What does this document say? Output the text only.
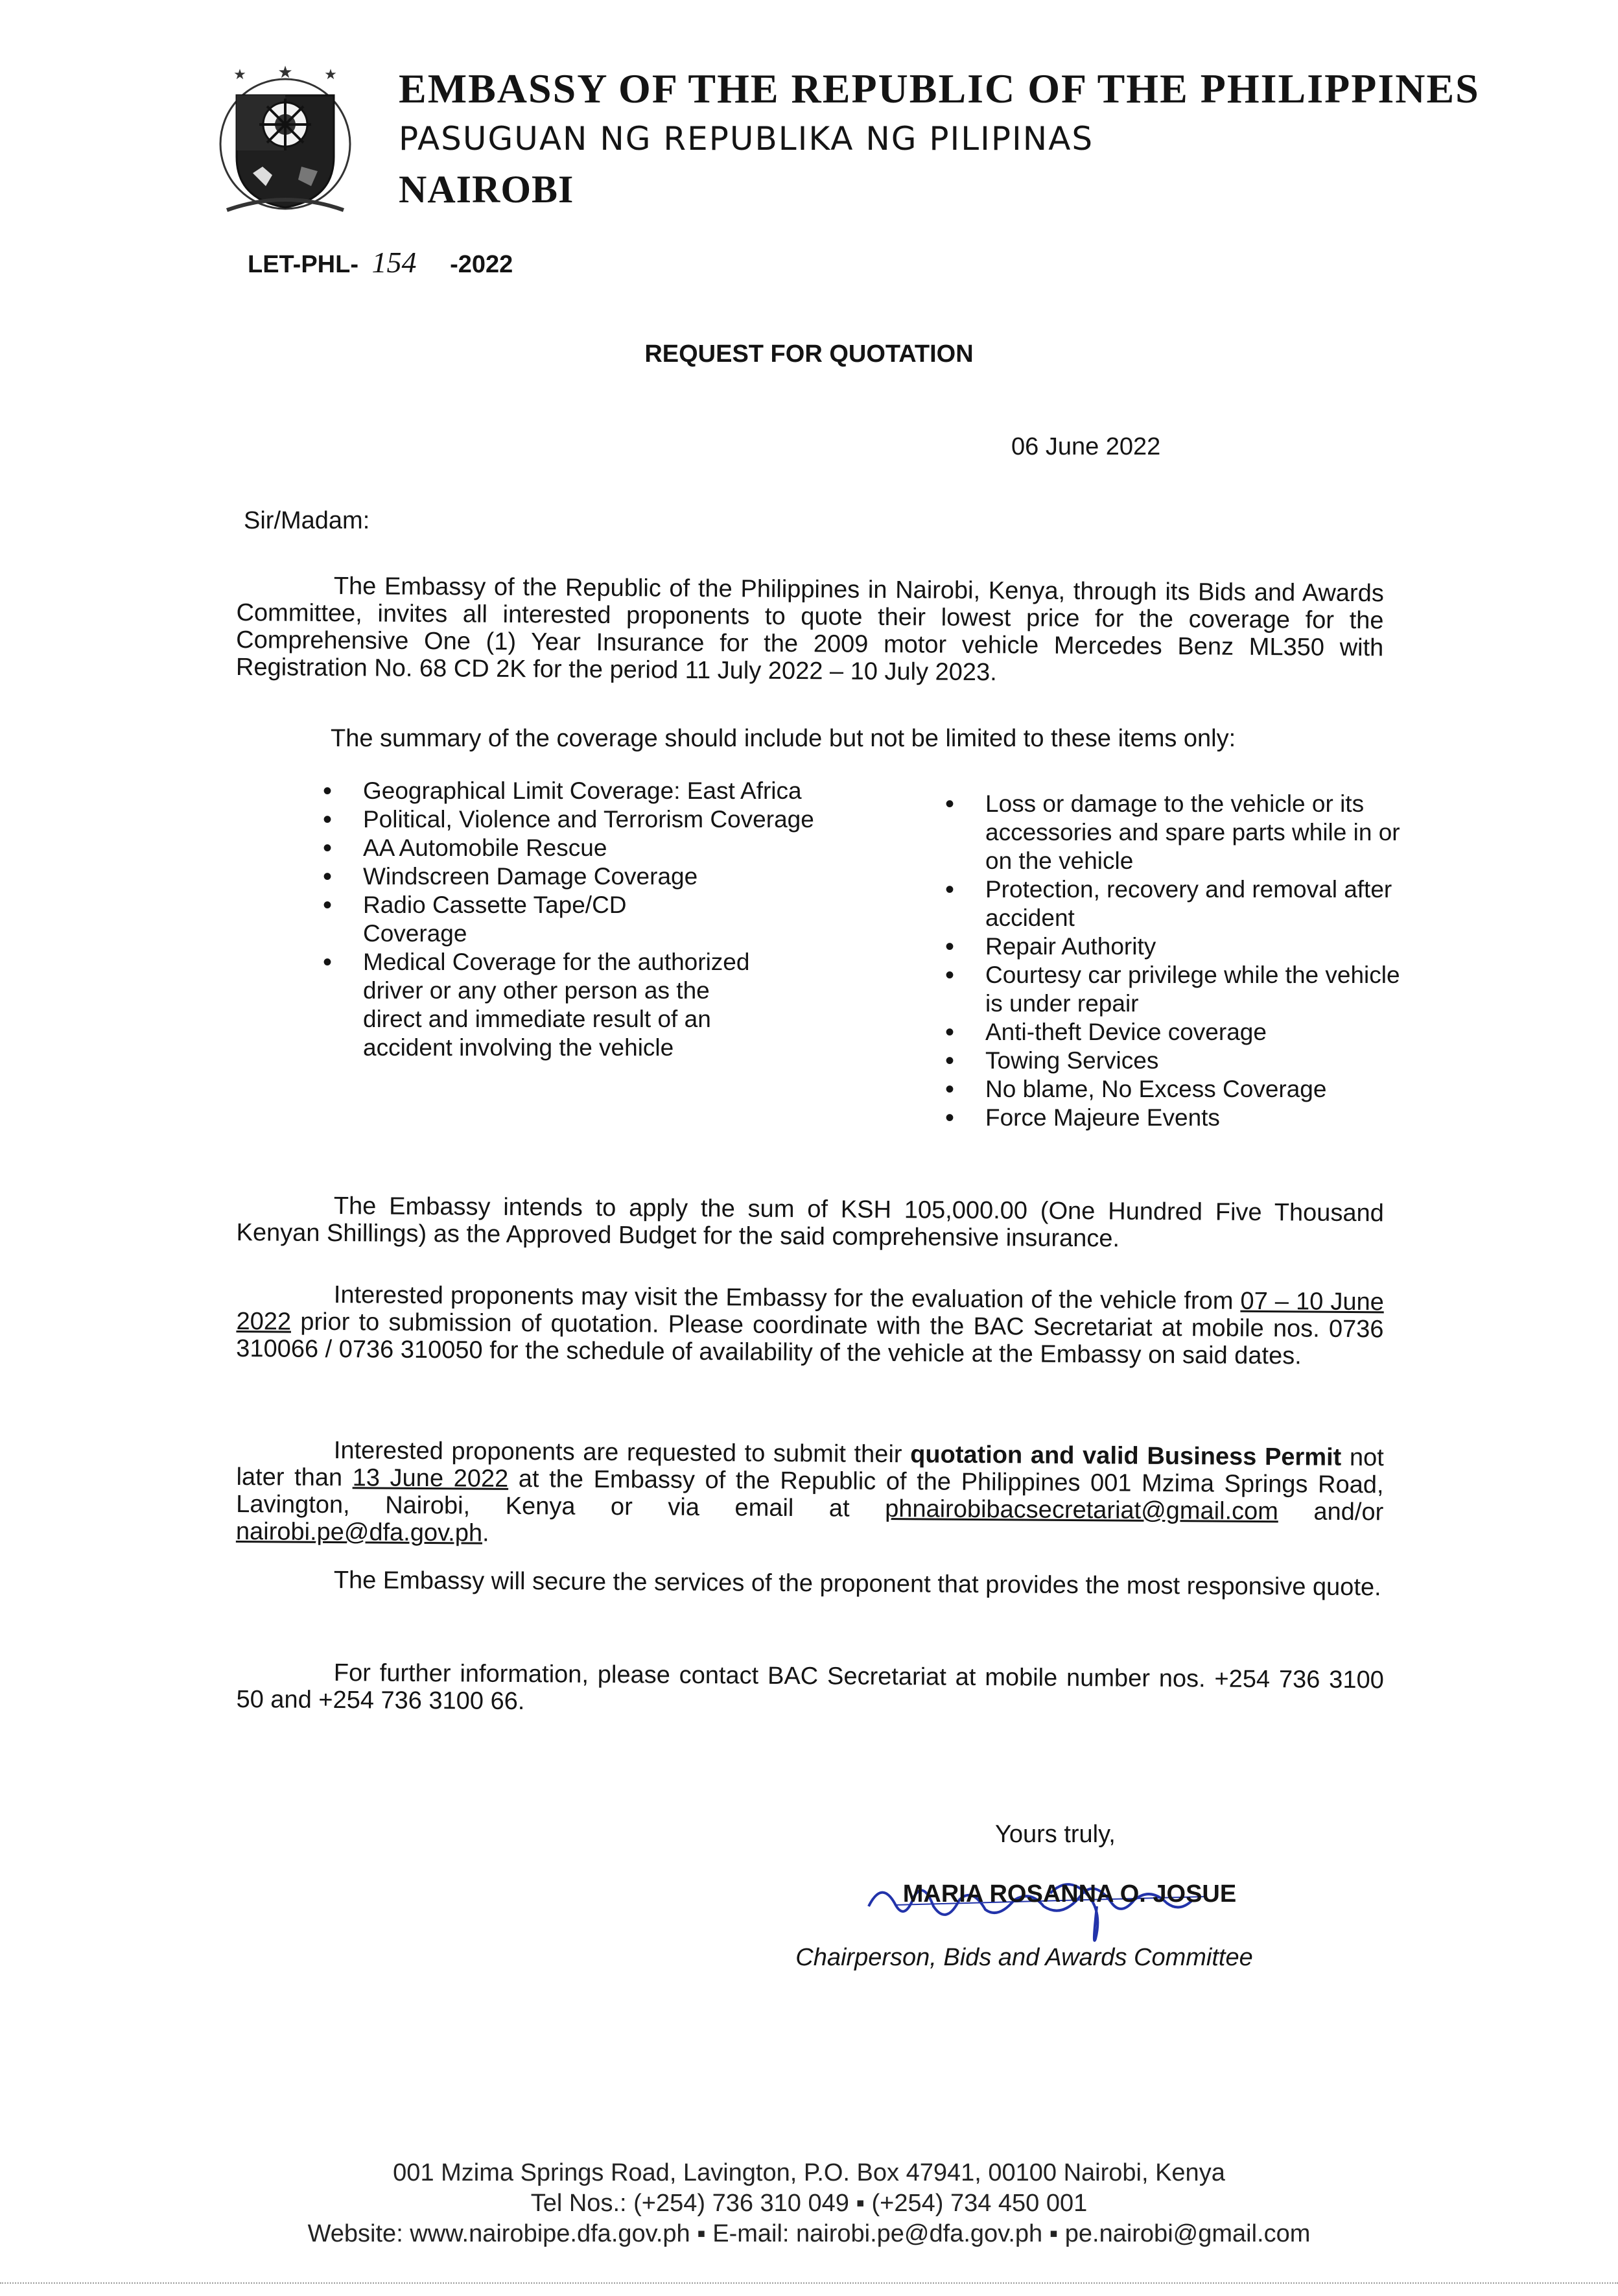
★
★	★ EMBASSY OF THE REPUBLIC OF THE PHILIPPINES
PASUGUAN NG REPUBLIKA NG PILIPINAS
NAIROBI
LET-PHL- 154 -2022
REQUEST FOR QUOTATION
06 June 2022
Sir/Madam:
The Embassy of the Republic of the Philippines in Nairobi, Kenya, through its Bids and Awards Committee, invites all interested proponents to quote their lowest price for the coverage for the Comprehensive One (1) Year Insurance for the 2009 motor vehicle Mercedes Benz ML350 with Registration No. 68 CD 2K for the period 11 July 2022 – 10 July 2023.
The summary of the coverage should include but not be limited to these items only:
• Geographical Limit Coverage: East Africa
• Political, Violence and Terrorism Coverage
• AA Automobile Rescue
• Windscreen Damage Coverage
• Radio Cassette Tape/CD Coverage
• Medical Coverage for the authorized driver or any other person as the direct and immediate result of an accident involving the vehicle
• Loss or damage to the vehicle or its accessories and spare parts while in or on the vehicle
• Protection, recovery and removal after accident
• Repair Authority
• Courtesy car privilege while the vehicle is under repair
• Anti-theft Device coverage
• Towing Services
• No blame, No Excess Coverage
• Force Majeure Events
The Embassy intends to apply the sum of KSH 105,000.00 (One Hundred Five Thousand Kenyan Shillings) as the Approved Budget for the said comprehensive insurance.
Interested proponents may visit the Embassy for the evaluation of the vehicle from 07 – 10 June 2022 prior to submission of quotation. Please coordinate with the BAC Secretariat at mobile nos. 0736 310066 / 0736 310050 for the schedule of availability of the vehicle at the Embassy on said dates.
Interested proponents are requested to submit their quotation and valid Business Permit not later than 13 June 2022 at the Embassy of the Republic of the Philippines 001 Mzima Springs Road, Lavington, Nairobi, Kenya or via email at phnairobibacsecretariat@gmail.com and/or nairobi.pe@dfa.gov.ph.
The Embassy will secure the services of the proponent that provides the most responsive quote.
For further information, please contact BAC Secretariat at mobile number nos. +254 736 3100 50 and +254 736 3100 66.
Yours truly,
MARIA ROSANNA O. JOSUE
Chairperson, Bids and Awards Committee
001 Mzima Springs Road, Lavington, P.O. Box 47941, 00100 Nairobi, Kenya
Tel Nos.: (+254) 736 310 049 ▪ (+254) 734 450 001
Website: www.nairobipe.dfa.gov.ph ▪ E-mail: nairobi.pe@dfa.gov.ph ▪ pe.nairobi@gmail.com
